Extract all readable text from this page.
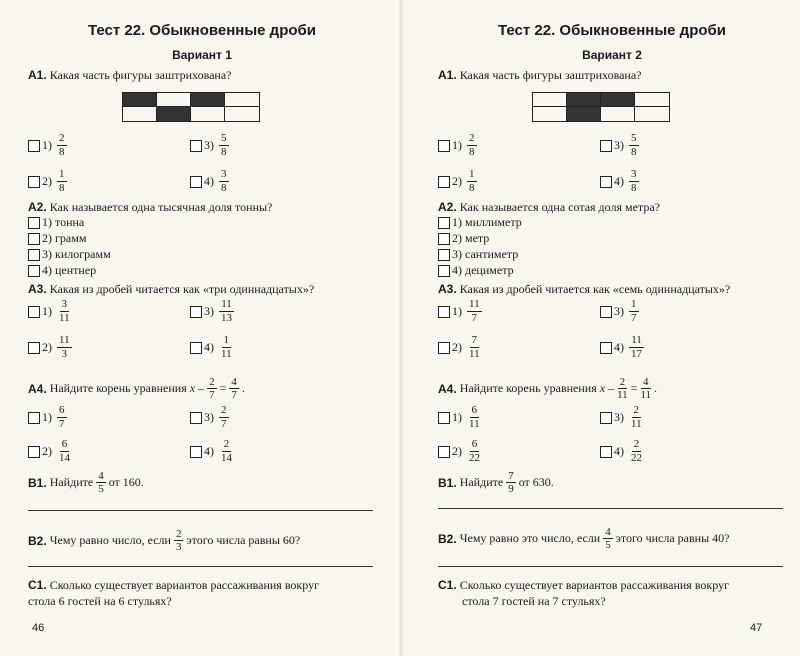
Тест 22. Обыкновенные дроби
Вариант 1
А1. Какая часть фигуры заштрихована?
$1) \frac{2}{8}$	$3) \frac{5}{8}$
$2) \frac{1}{8}$	$4) \frac{3}{8}$
А2. Как называется одна тысячная доля тонны?
1) тонна
2) грамм
3) килограмм
4) центнер
А3. Какая из дробей читается как «три одиннадцатых»?
$1) \frac{3}{11}$	$3) \frac{11}{13}$
$2) \frac{11}{3}$	$4) \frac{1}{11}$
А4.
Найдите корень уравнения
$x - \frac{2}{7} = \frac{4}{7}$ .
$1) \frac{6}{7}$	$3) \frac{2}{7}$
$2) \frac{6}{14}$	$4) \frac{2}{14}$
В1.
Найдите $\frac{4}{5}$ от 160.
В2.
Чему равно число, если $\frac{2}{3}$ этого числа равны 60?
С1. Сколько существует вариантов рассаживания вокруг
стола 6 гостей на 6 стульях?
46
Тест 22. Обыкновенные дроби
Вариант 2
А1. Какая часть фигуры заштрихована?
$1) \frac{2}{8}$	$3) \frac{5}{8}$
$2) \frac{1}{8}$	$4) \frac{3}{8}$
А2. Как называется одна сотая доля метра?
1) миллиметр
2) метр
3) сантиметр
4) дециметр
А3. Какая из дробей читается как «семь одиннадцатых»?
$1) \frac{11}{7}$	$3) \frac{1}{7}$
$2) \frac{7}{11}$	$4) \frac{11}{17}$
А4.
Найдите корень уравнения
$x - \frac{2}{11} = \frac{4}{11}$ .
$1) \frac{6}{11}$	$3) \frac{2}{11}$
$2) \frac{6}{22}$	$4) \frac{2}{22}$
В1.
Найдите $\frac{7}{9}$ от 630.
В2.
Чему равно это число, если $\frac{4}{5}$ этого числа равны 40?
С1. Сколько существует вариантов рассаживания вокруг
стола 7 гостей на 7 стульях?
47
